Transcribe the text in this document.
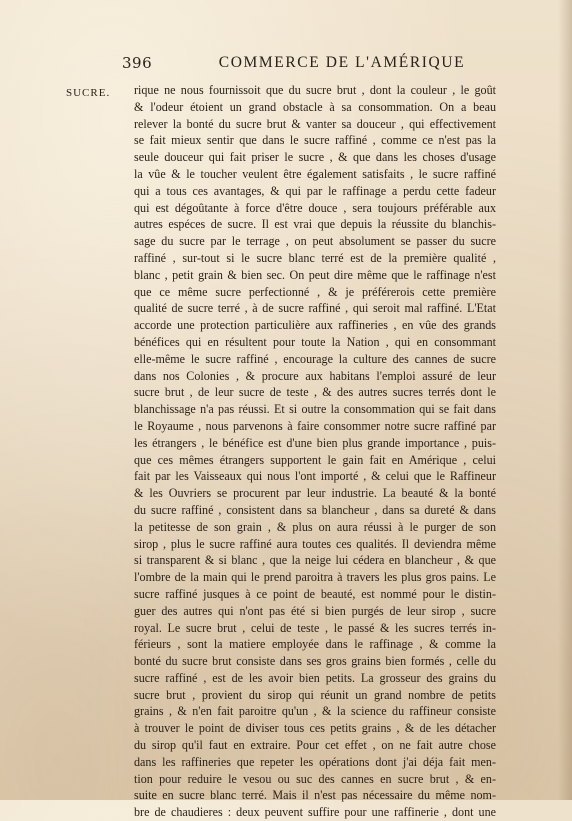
396	COMMERCE DE L'AMÉRIQUE
SUCRE. rique ne nous fournissoit que du sucre brut , dont la couleur , le goût
& l'odeur étoient un grand obstacle à sa consommation. On a beau
relever la bonté du sucre brut & vanter sa douceur , qui effectivement
se fait mieux sentir que dans le sucre raffiné , comme ce n'est pas la
seule douceur qui fait priser le sucre , & que dans les choses d'usage
la vûe & le toucher veulent être également satisfaits , le sucre raffiné
qui a tous ces avantages, & qui par le raffinage a perdu cette fadeur
qui est dégoûtante à force d'être douce , sera toujours préférable aux
autres espéces de sucre. Il est vrai que depuis la réussite du blanchis-
sage du sucre par le terrage , on peut absolument se passer du sucre
raffiné , sur-tout si le sucre blanc terré est de la première qualité ,
blanc , petit grain & bien sec. On peut dire même que le raffinage n'est
que ce même sucre perfectionné , & je préférerois cette première
qualité de sucre terré , à de sucre raffiné , qui seroit mal raffiné. L'Etat
accorde une protection particulière aux raffineries , en vûe des grands
bénéfices qui en résultent pour toute la Nation , qui en consommant
elle-même le sucre raffiné , encourage la culture des cannes de sucre
dans nos Colonies , & procure aux habitans l'emploi assuré de leur
sucre brut , de leur sucre de teste , & des autres sucres terrés dont le
blanchissage n'a pas réussi. Et si outre la consommation qui se fait dans
le Royaume , nous parvenons à faire consommer notre sucre raffiné par
les étrangers , le bénéfice est d'une bien plus grande importance , puis-
que ces mêmes étrangers supportent le gain fait en Amérique , celui
fait par les Vaisseaux qui nous l'ont importé , & celui que le Raffineur
& les Ouvriers se procurent par leur industrie. La beauté & la bonté
du sucre raffiné , consistent dans sa blancheur , dans sa dureté & dans
la petitesse de son grain , & plus on aura réussi à le purger de son
sirop , plus le sucre raffiné aura toutes ces qualités. Il deviendra même
si transparent & si blanc , que la neige lui cédera en blancheur , & que
l'ombre de la main qui le prend paroitra à travers les plus gros pains. Le
sucre raffiné jusques à ce point de beauté, est nommé pour le distin-
guer des autres qui n'ont pas été si bien purgés de leur sirop , sucre
royal. Le sucre brut , celui de teste , le passé & les sucres terrés in-
férieurs , sont la matiere employée dans le raffinage , & comme la
bonté du sucre brut consiste dans ses gros grains bien formés , celle du
sucre raffiné , est de les avoir bien petits. La grosseur des grains du
sucre brut , provient du sirop qui réunit un grand nombre de petits
grains , & n'en fait paroitre qu'un , & la science du raffineur consiste
à trouver le point de diviser tous ces petits grains , & de les détacher
du sirop qu'il faut en extraire. Pour cet effet , on ne fait autre chose
dans les raffineries que repeter les opérations dont j'ai déja fait men-
tion pour reduire le vesou ou suc des cannes en sucre brut , & en-
suite en sucre blanc terré. Mais il n'est pas nécessaire du même nom-
bre de chaudieres : deux peuvent suffire pour une raffinerie , dont une
